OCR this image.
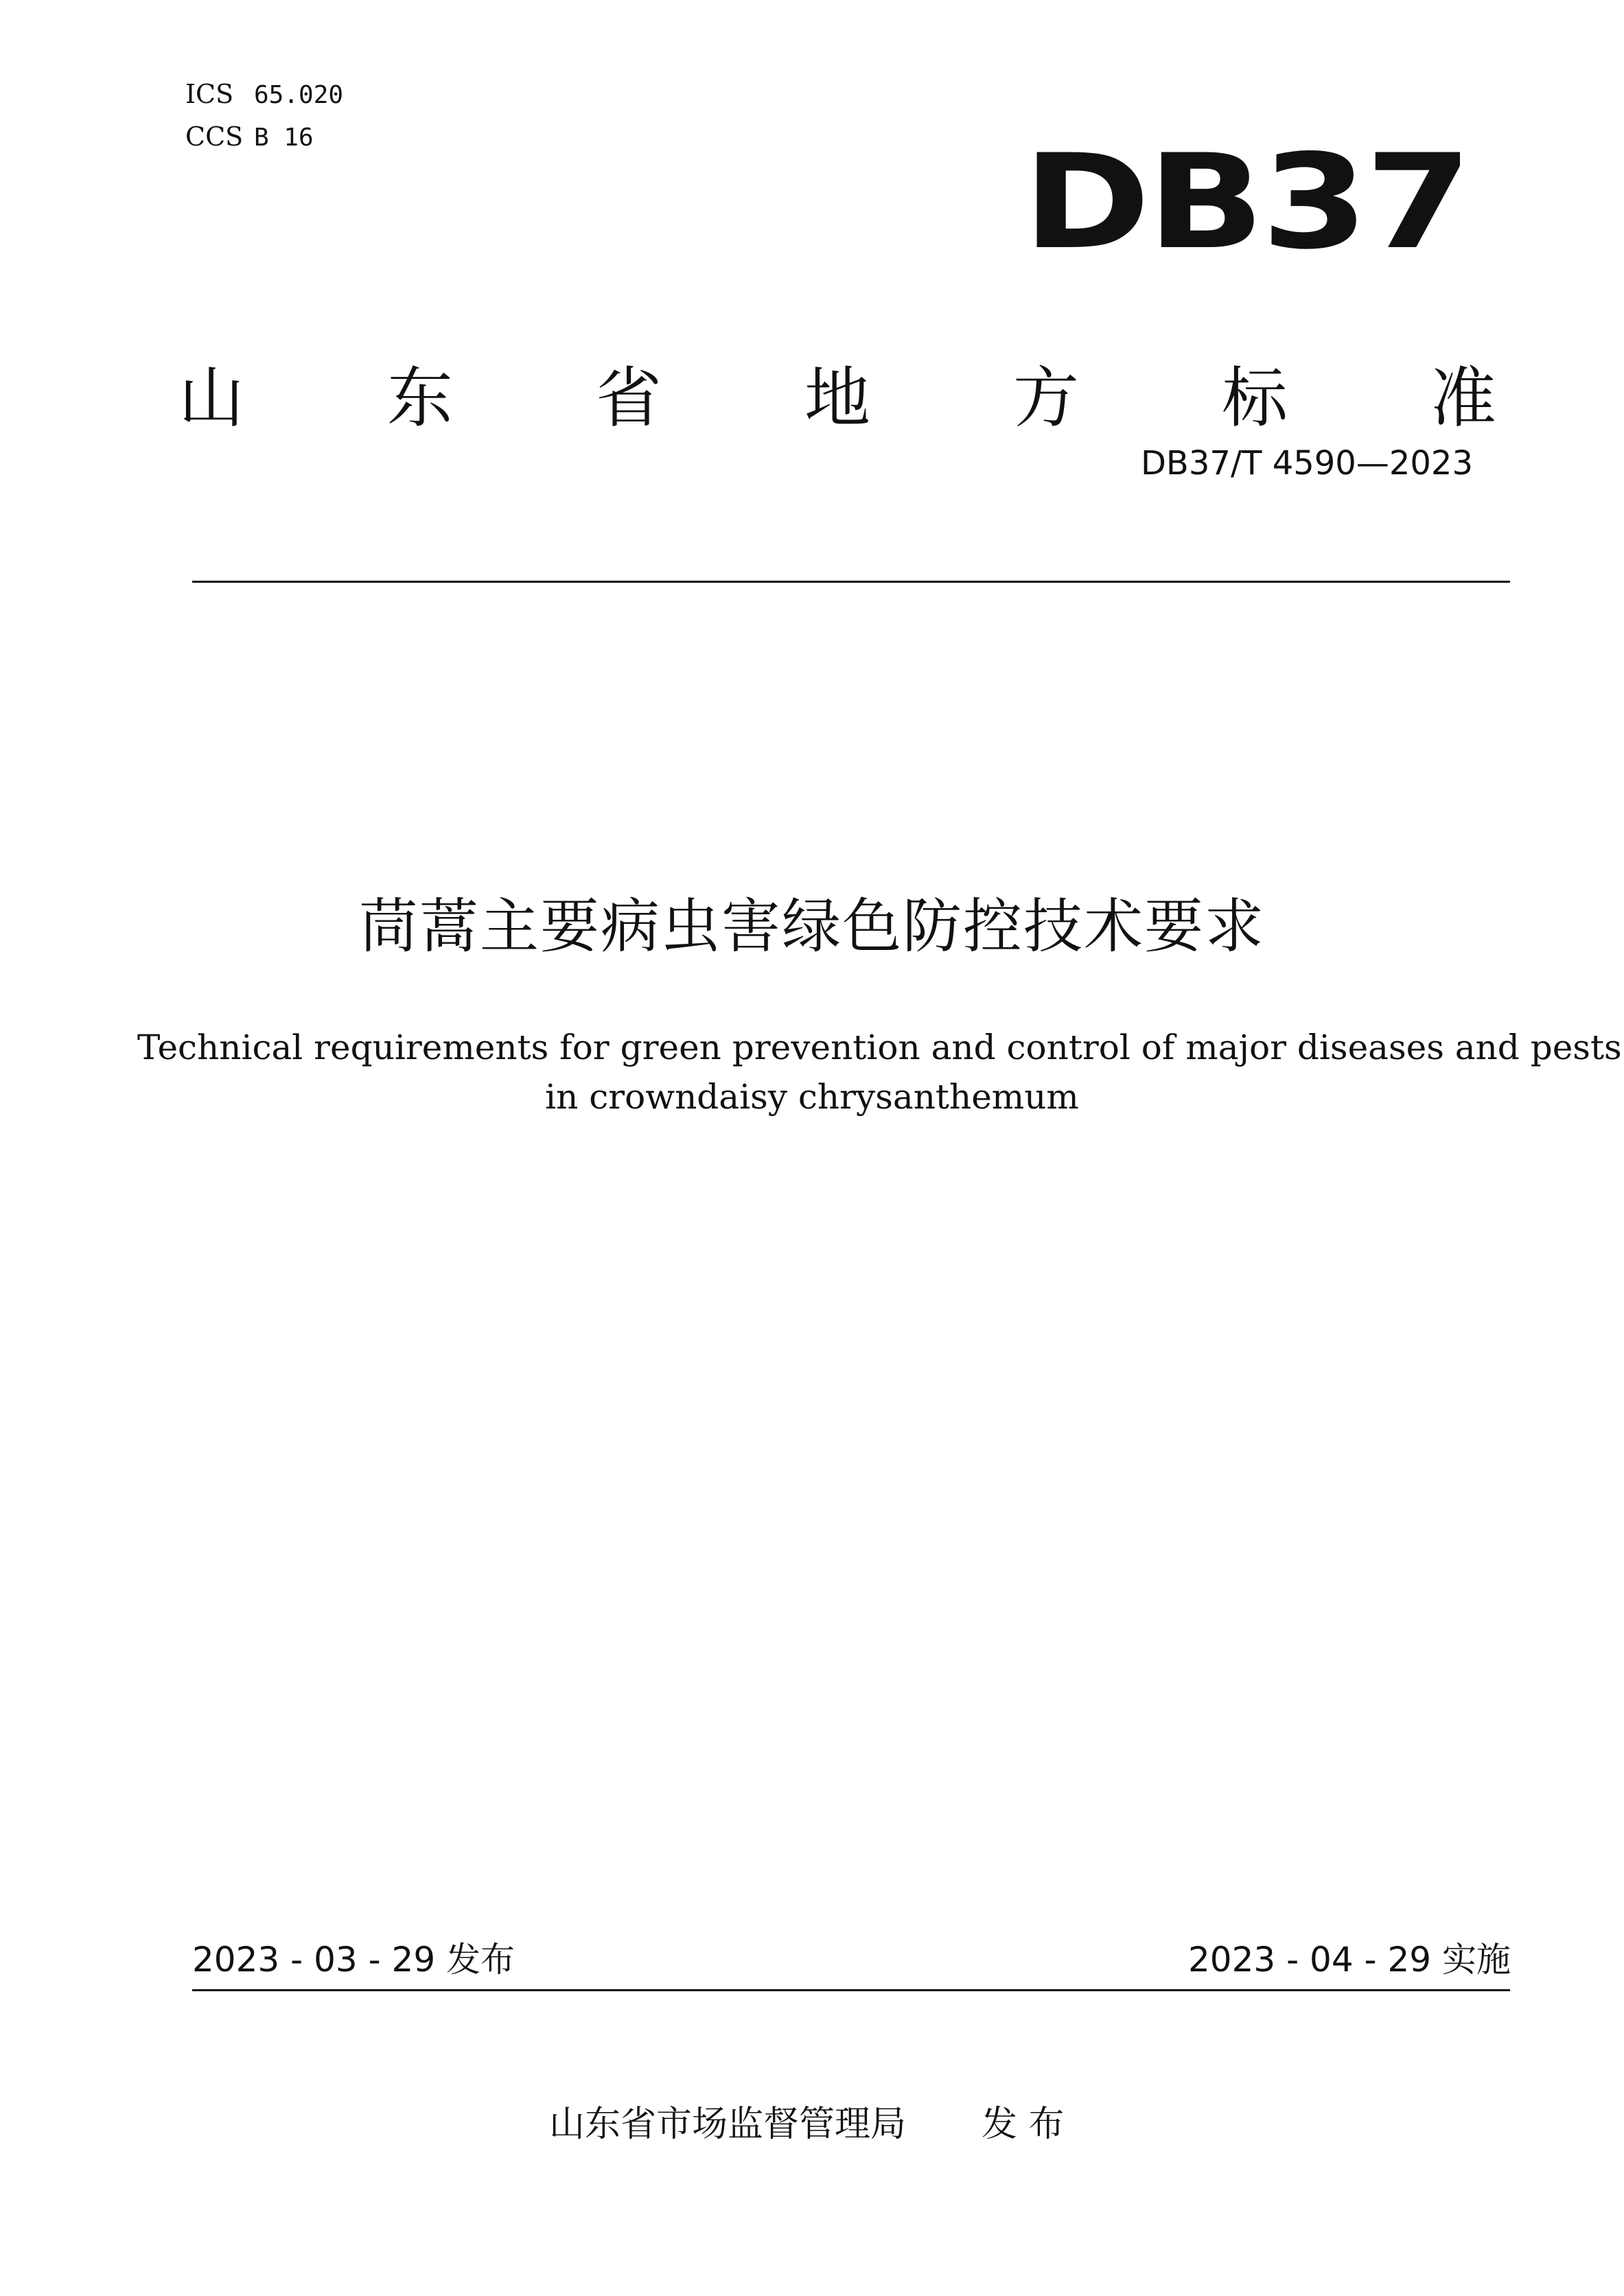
ICS 65.020
CCS B 16	DB37
山 东 省 地 方 标 准
DB37/T 4590—2023
茼蒿主要病虫害绿色防控技术要求
Technical requirements for green prevention and control of major diseases and pests
in crowndaisy chrysanthemum
2023 - 03 - 29 发布	2023 - 04 - 29 实施
山东省市场监督管理局 发 布
